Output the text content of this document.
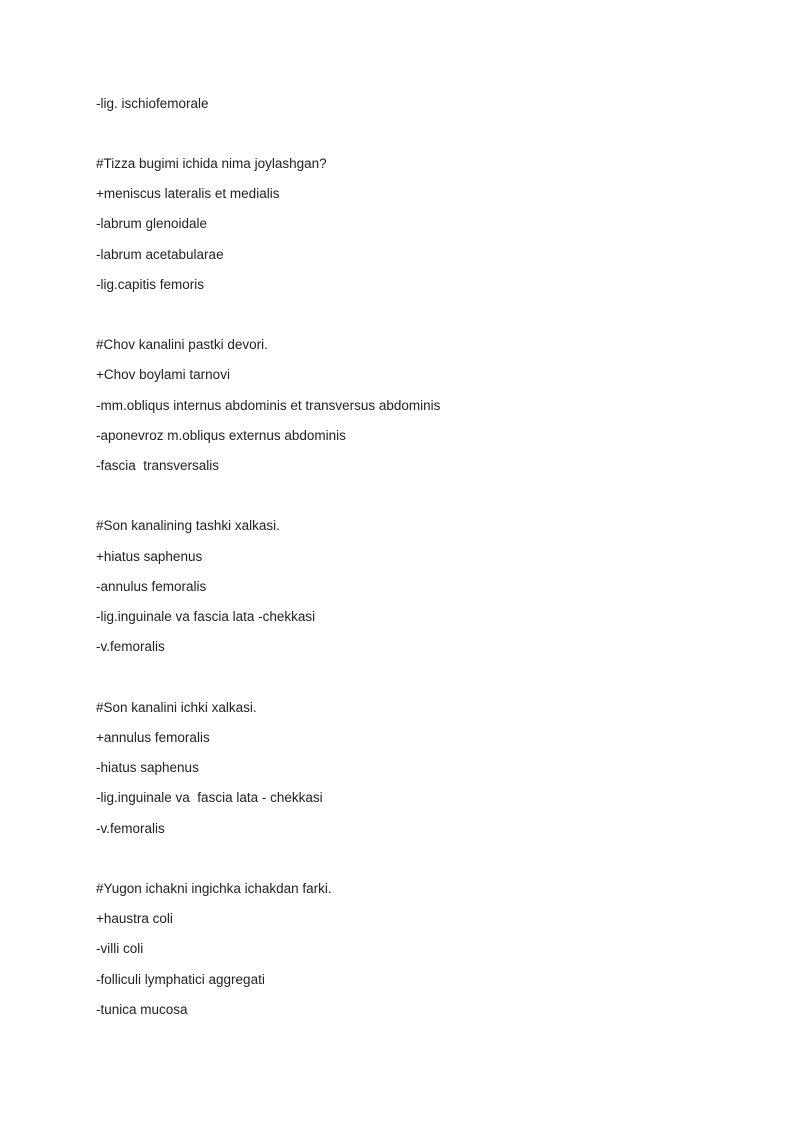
-lig. ischiofemorale
#Tizza bugimi ichida nima joylashgan?
+meniscus lateralis et medialis
-labrum glenoidale
-labrum acetabularae
-lig.capitis femoris
#Chov kanalini pastki devori.
+Chov boylami tarnovi
-mm.obliqus internus abdominis et transversus abdominis
-aponevroz m.obliqus externus abdominis
-fascia  transversalis
#Son kanalining tashki xalkasi.
+hiatus saphenus
-annulus femoralis
-lig.inguinale va fascia lata -chekkasi
-v.femoralis
#Son kanalini ichki xalkasi.
+annulus femoralis
-hiatus saphenus
-lig.inguinale va  fascia lata - chekkasi
-v.femoralis
#Yugon ichakni ingichka ichakdan farki.
+haustra coli
-villi coli
-folliculi lymphatici aggregati
-tunica mucosa
